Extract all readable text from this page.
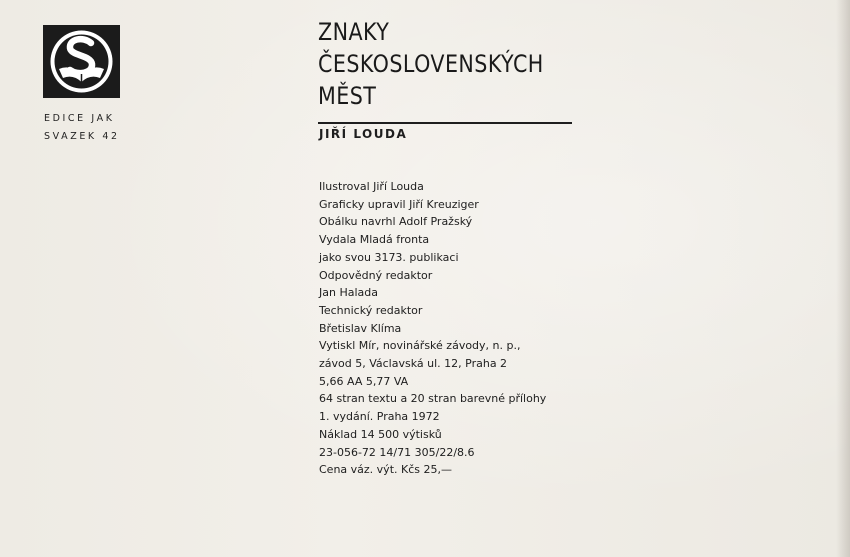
EDICE JAK
SVAZEK 42
ZNAKY
ČESKOSLOVENSKÝCH
MĚST
JIŘÍ LOUDA
Ilustroval Jiří Louda
Graficky upravil Jiří Kreuziger
Obálku navrhl Adolf Pražský
Vydala Mladá fronta
jako svou 3173. publikaci
Odpovědný redaktor
Jan Halada
Technický redaktor
Břetislav Klíma
Vytiskl Mír, novinářské závody, n. p.,
závod 5, Václavská ul. 12, Praha 2
5,66 AA 5,77 VA
64 stran textu a 20 stran barevné přílohy
1. vydání. Praha 1972
Náklad 14 500 výtisků
23-056-72 14/71 305/22/8.6
Cena váz. výt. Kčs 25,—
